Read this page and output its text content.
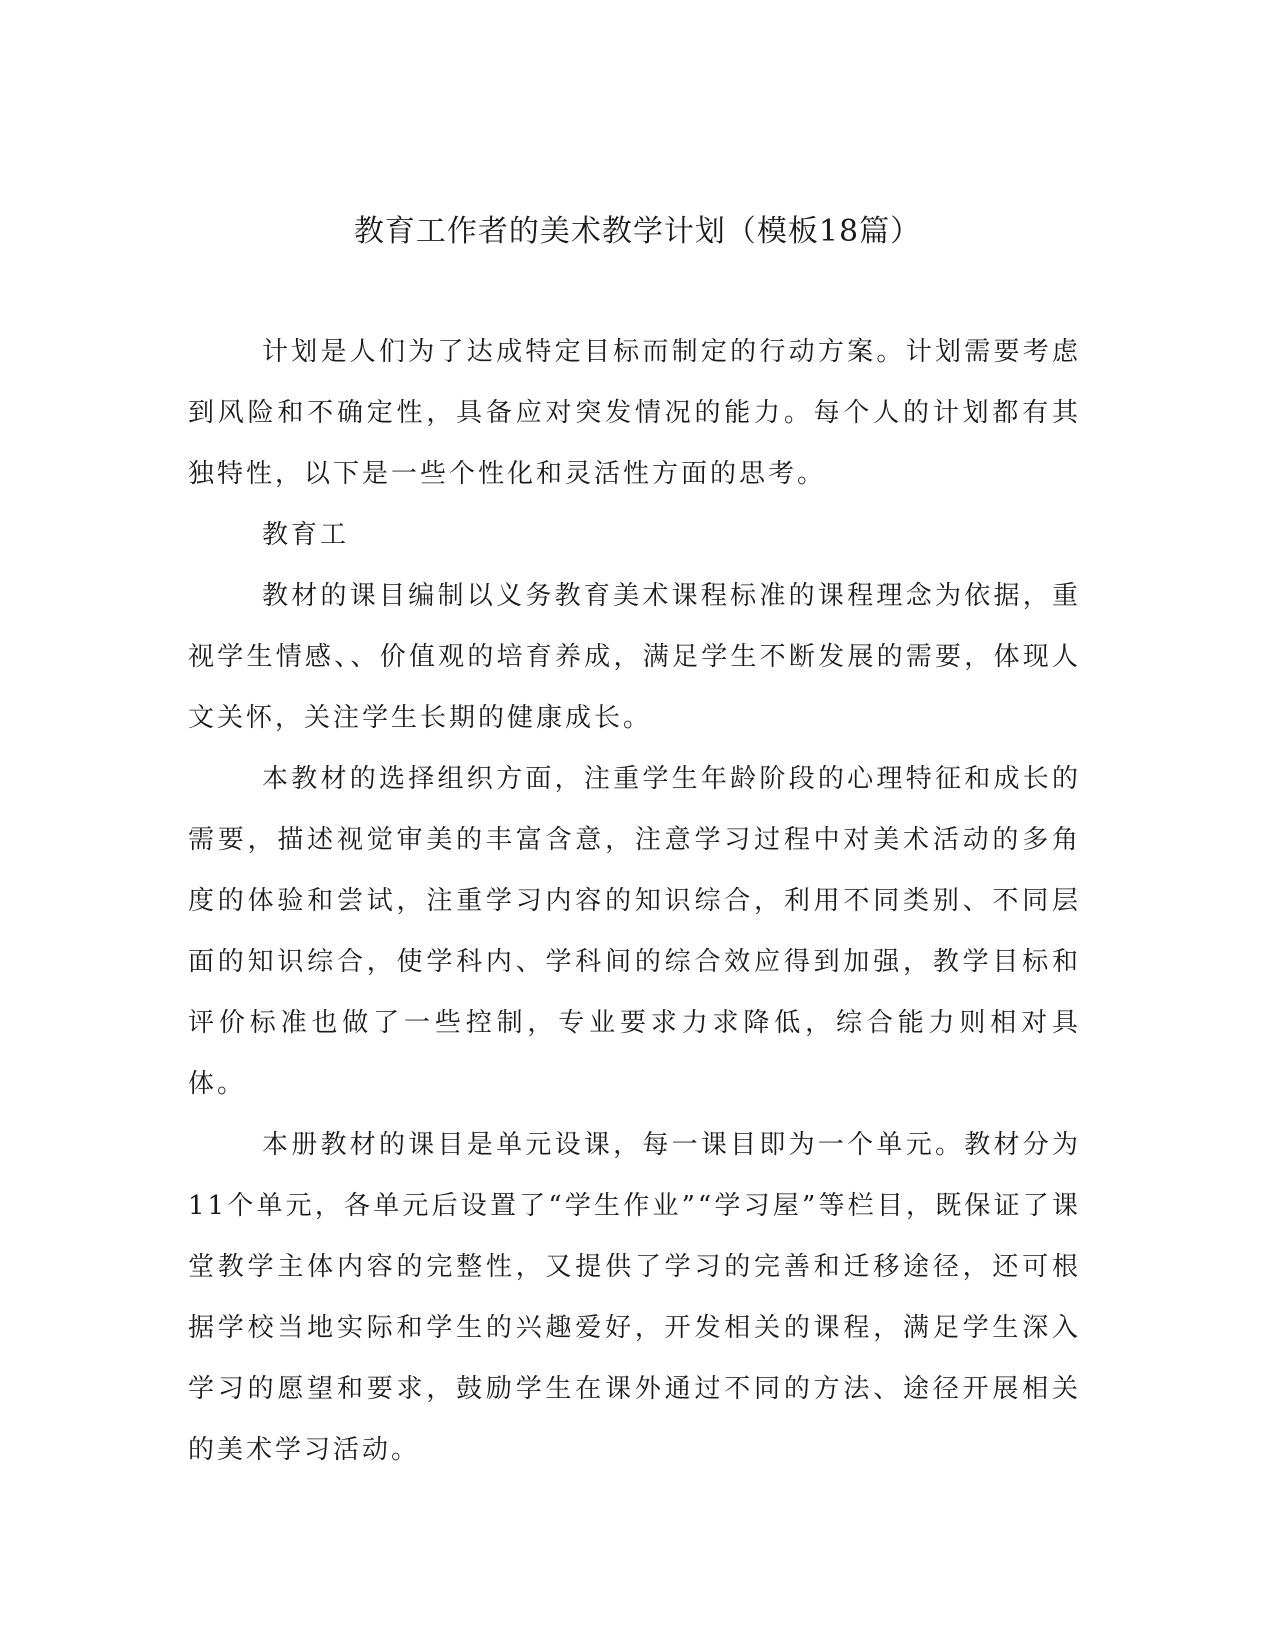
教育工作者的美术教学计划（模板18篇）

计划是人们为了达成特定目标而制定的行动方案。计划需要考虑到风险和不确定性，具备应对突发情况的能力。每个人的计划都有其独特性，以下是一些个性化和灵活性方面的思考。

教育工

教材的课目编制以义务教育美术课程标准的课程理念为依据，重视学生情感、、价值观的培育养成，满足学生不断发展的需要，体现人文关怀，关注学生长期的健康成长。

本教材的选择组织方面，注重学生年龄阶段的心理特征和成长的需要，描述视觉审美的丰富含意，注意学习过程中对美术活动的多角度的体验和尝试，注重学习内容的知识综合，利用不同类别、不同层面的知识综合，使学科内、学科间的综合效应得到加强，教学目标和评价标准也做了一些控制，专业要求力求降低，综合能力则相对具体。

本册教材的课目是单元设课，每一课目即为一个单元。教材分为11个单元，各单元后设置了“学生作业”“学习屋”等栏目，既保证了课堂教学主体内容的完整性，又提供了学习的完善和迁移途径，还可根据学校当地实际和学生的兴趣爱好，开发相关的课程，满足学生深入学习的愿望和要求，鼓励学生在课外通过不同的方法、途径开展相关的美术学习活动。
